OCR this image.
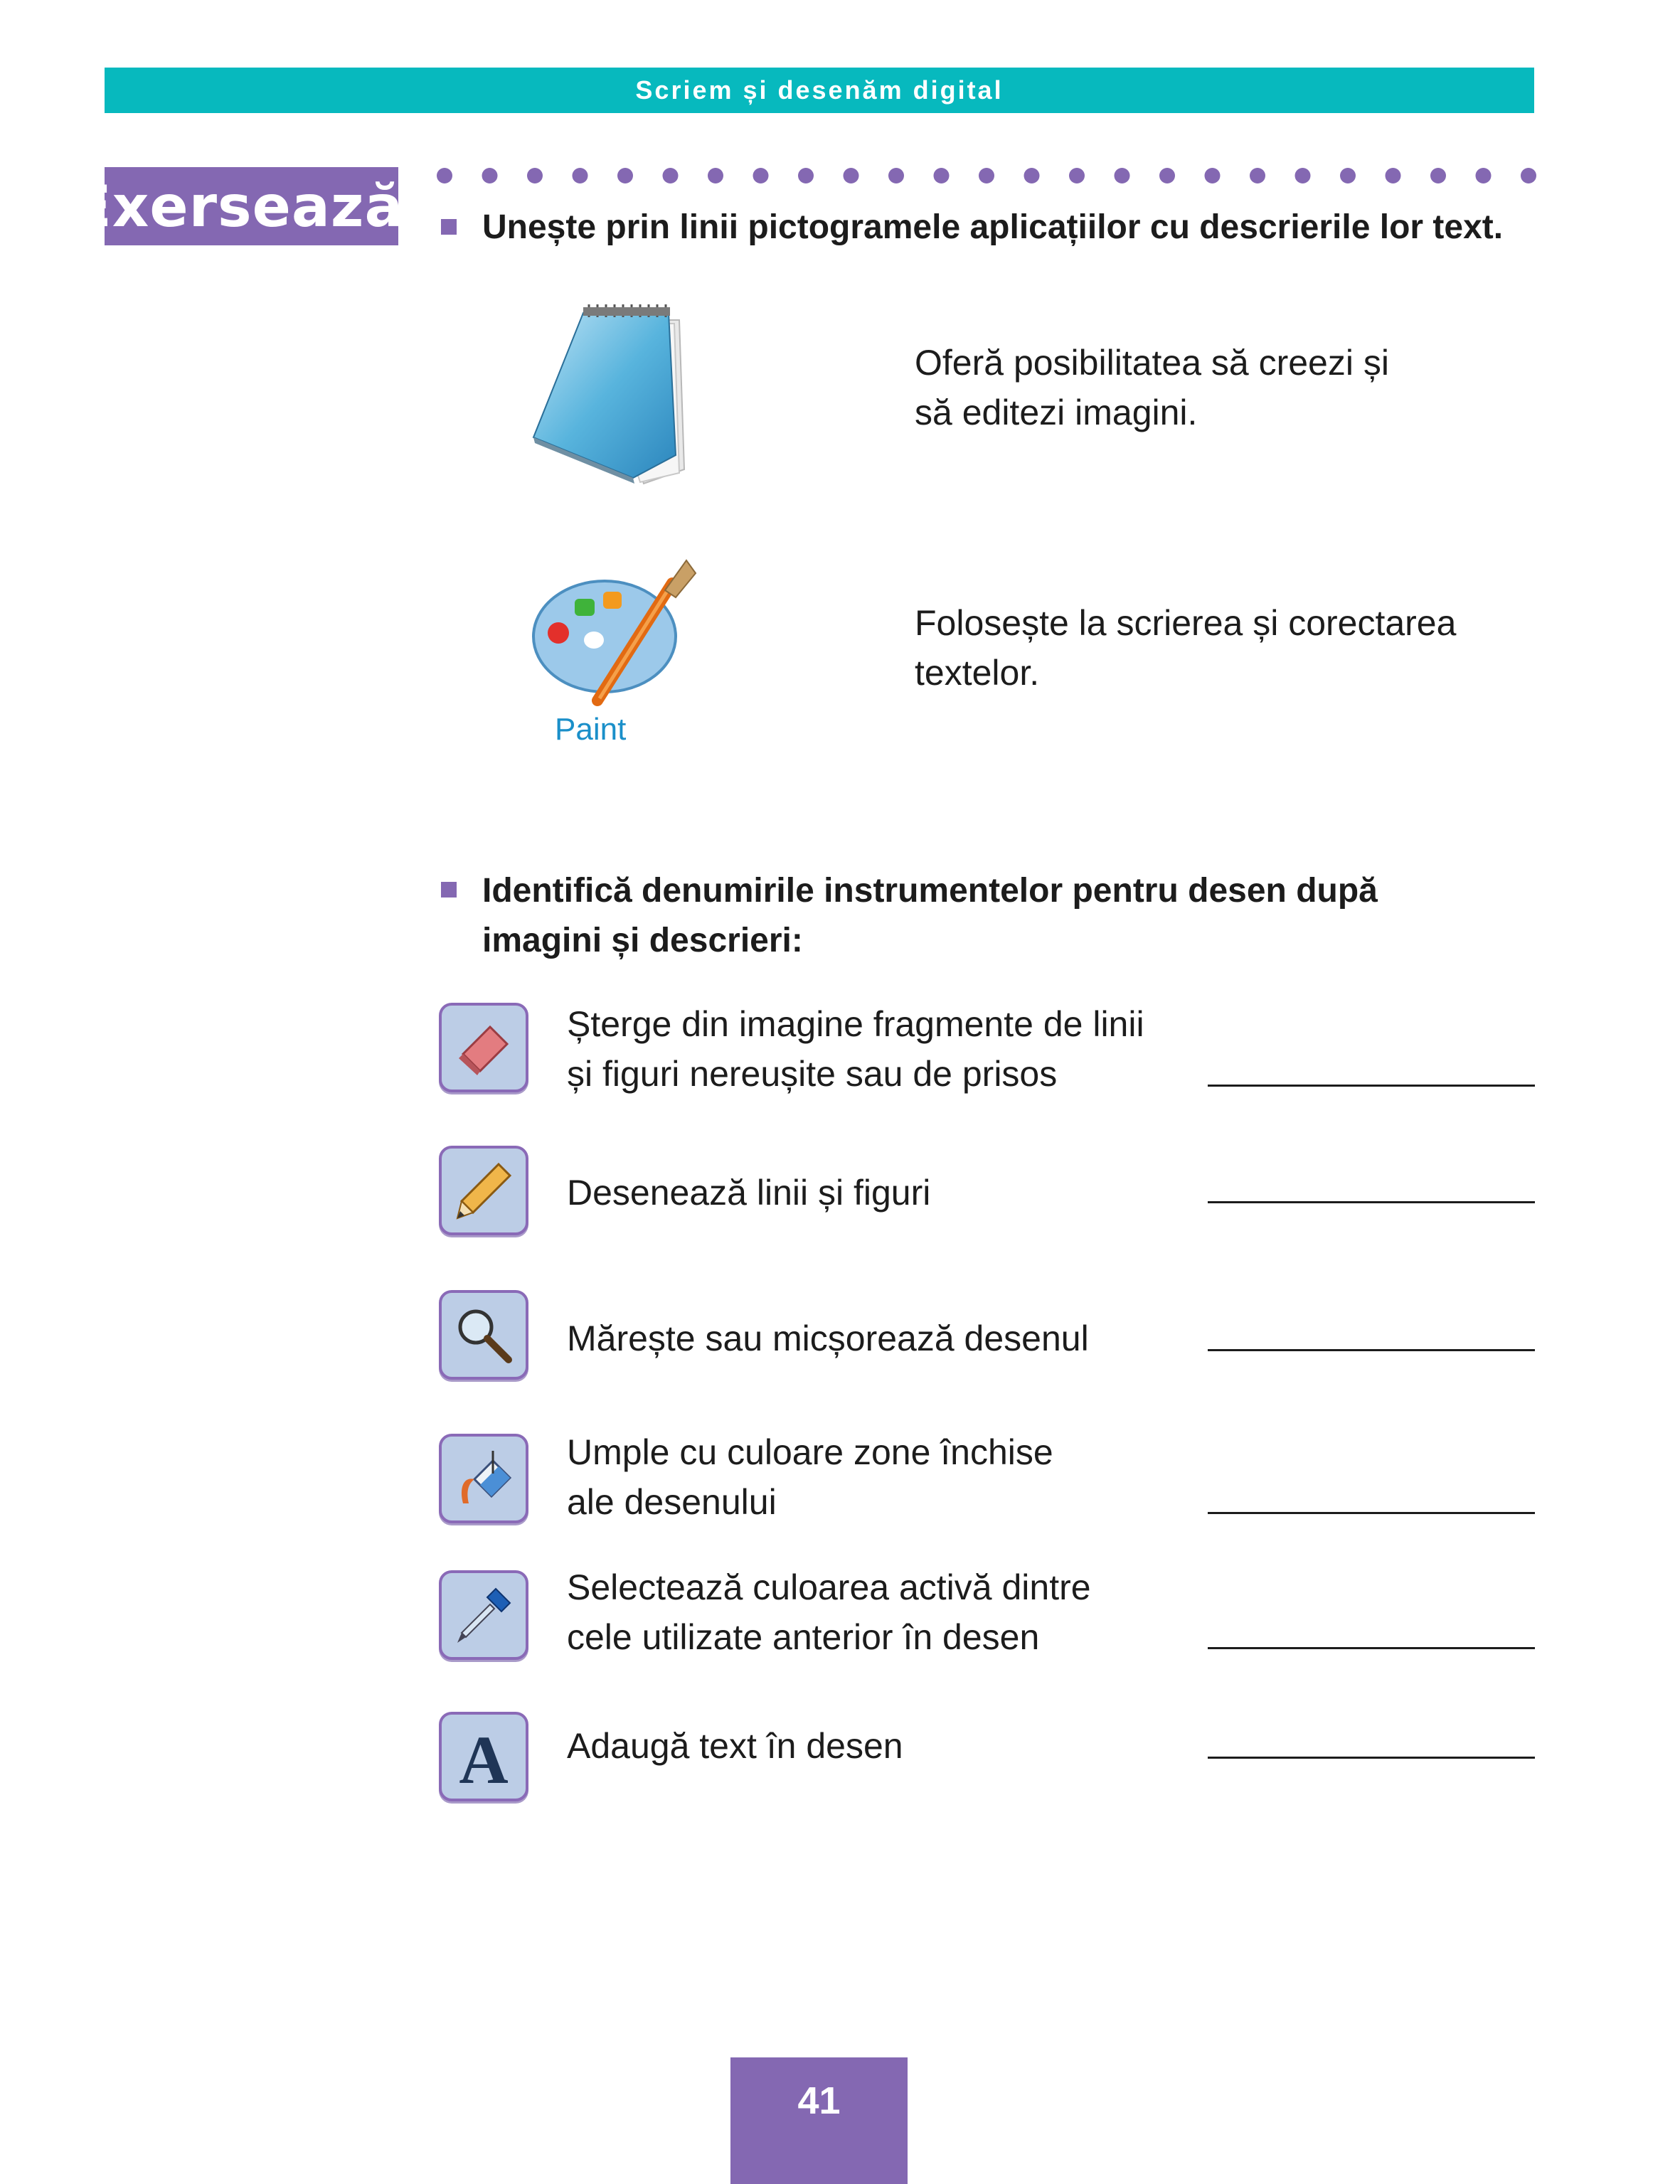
Scriem și desenăm digital
Exersează! Unește prin linii pictogramele aplicațiilor cu descrierile lor text.
Paint
Oferă posibilitatea să creezi și
să editezi imagini.
Folosește la scrierea și corectarea
textelor.
Identifică denumirile instrumentelor pentru desen după
imagini și descrieri:
Șterge din imagine fragmente de linii
și figuri nereușite sau de prisos
Desenează linii și figuri
Mărește sau micșorează desenul
Umple cu culoare zone închise
ale desenului
Selectează culoarea activă dintre
cele utilizate anterior în desen
A Adaugă text în desen
41
